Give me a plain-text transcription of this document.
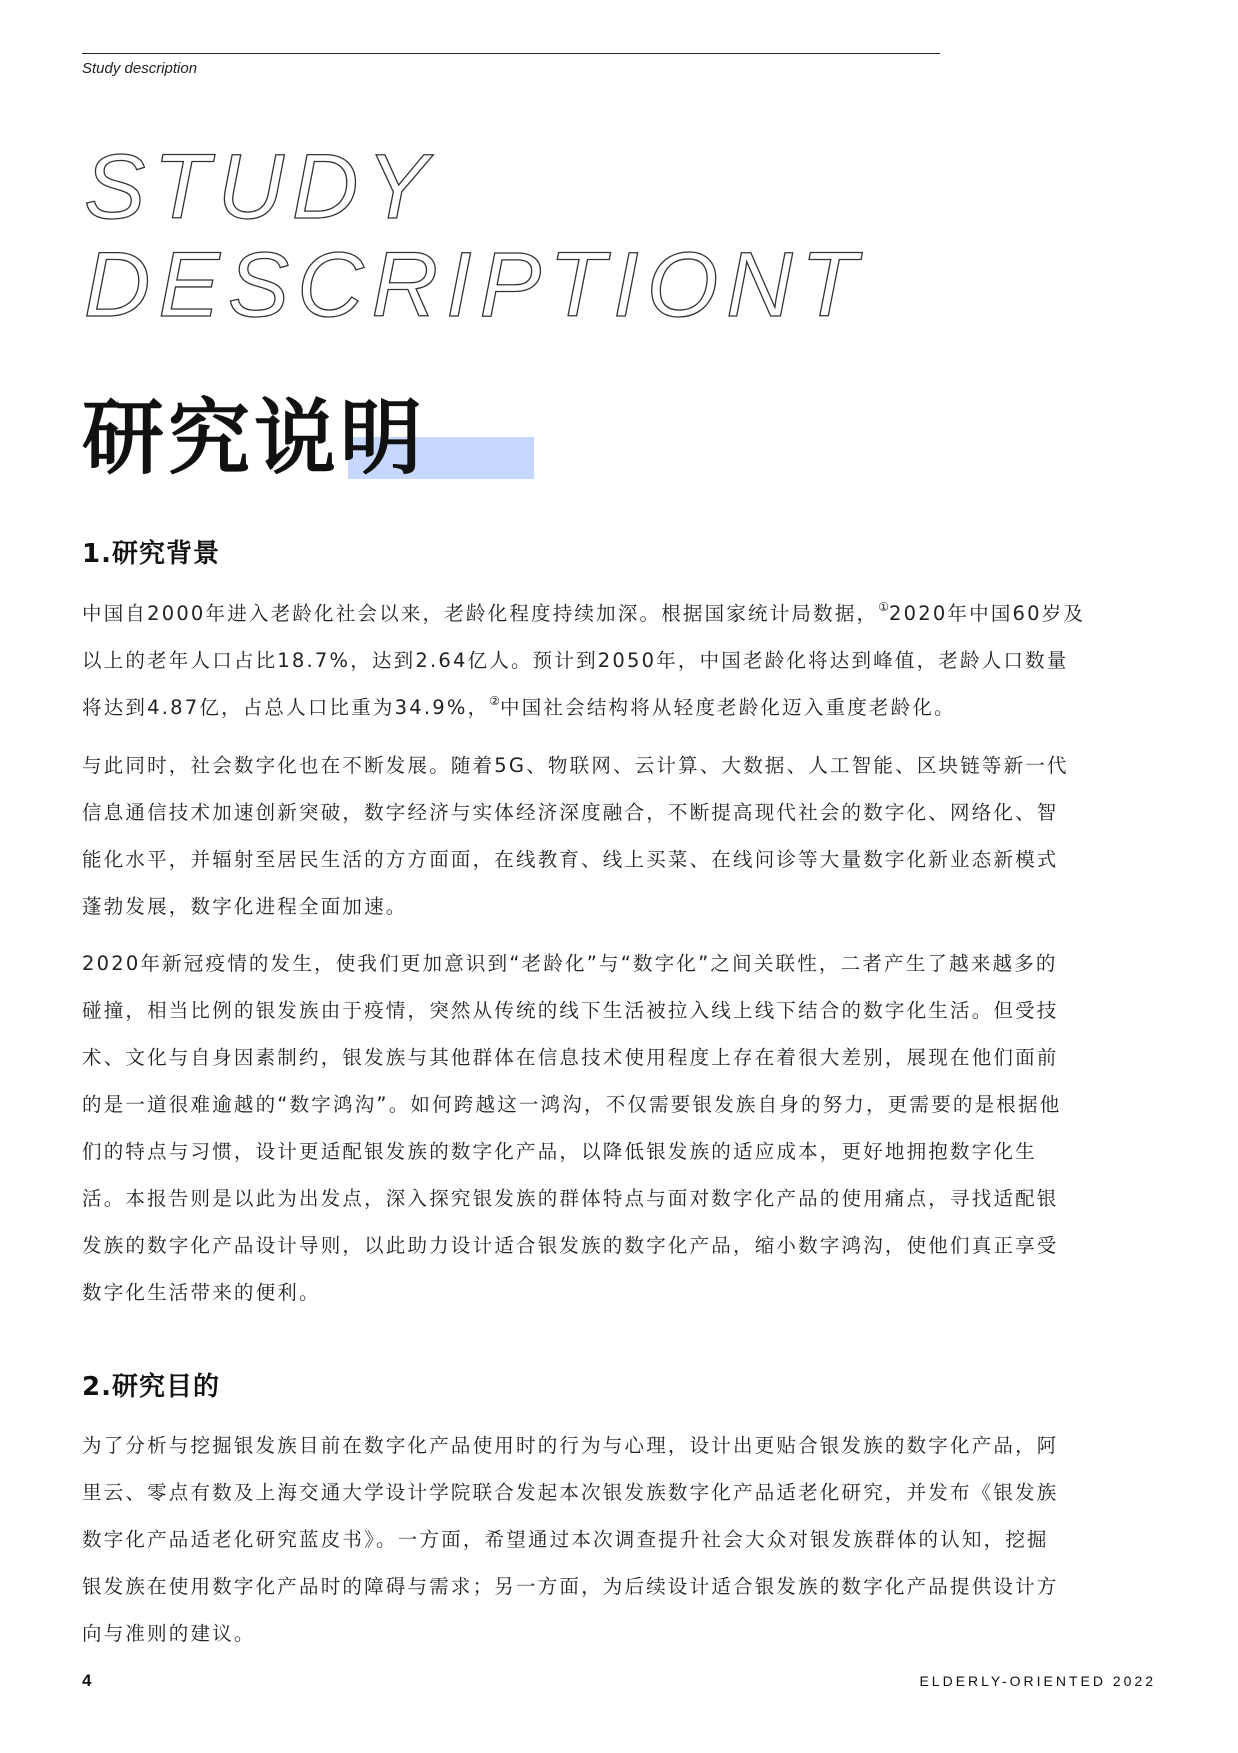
Study description
STUDY
DESCRIPTIONT
研究说明
1.研究背景

中国自2000年进入老龄化社会以来，老龄化程度持续加深。根据国家统计局数据，①2020年中国60岁及
以上的老年人口占比18.7%，达到2.64亿人。预计到2050年，中国老龄化将达到峰值，老龄人口数量
将达到4.87亿，占总人口比重为34.9%，②中国社会结构将从轻度老龄化迈入重度老龄化。

与此同时，社会数字化也在不断发展。随着5G、物联网、云计算、大数据、人工智能、区块链等新一代
信息通信技术加速创新突破，数字经济与实体经济深度融合，不断提高现代社会的数字化、网络化、智
能化水平，并辐射至居民生活的方方面面，在线教育、线上买菜、在线问诊等大量数字化新业态新模式
蓬勃发展，数字化进程全面加速。

2020年新冠疫情的发生，使我们更加意识到“老龄化”与“数字化”之间关联性，二者产生了越来越多的
碰撞，相当比例的银发族由于疫情，突然从传统的线下生活被拉入线上线下结合的数字化生活。但受技
术、文化与自身因素制约，银发族与其他群体在信息技术使用程度上存在着很大差别，展现在他们面前
的是一道很难逾越的“数字鸿沟”。如何跨越这一鸿沟，不仅需要银发族自身的努力，更需要的是根据他
们的特点与习惯，设计更适配银发族的数字化产品，以降低银发族的适应成本，更好地拥抱数字化生
活。本报告则是以此为出发点，深入探究银发族的群体特点与面对数字化产品的使用痛点，寻找适配银
发族的数字化产品设计导则，以此助力设计适合银发族的数字化产品，缩小数字鸿沟，使他们真正享受
数字化生活带来的便利。

2.研究目的

为了分析与挖掘银发族目前在数字化产品使用时的行为与心理，设计出更贴合银发族的数字化产品，阿
里云、零点有数及上海交通大学设计学院联合发起本次银发族数字化产品适老化研究，并发布《银发族
数字化产品适老化研究蓝皮书》。一方面，希望通过本次调查提升社会大众对银发族群体的认知，挖掘
银发族在使用数字化产品时的障碍与需求；另一方面，为后续设计适合银发族的数字化产品提供设计方
向与准则的建议。

4	ELDERLY-ORIENTED 2022
